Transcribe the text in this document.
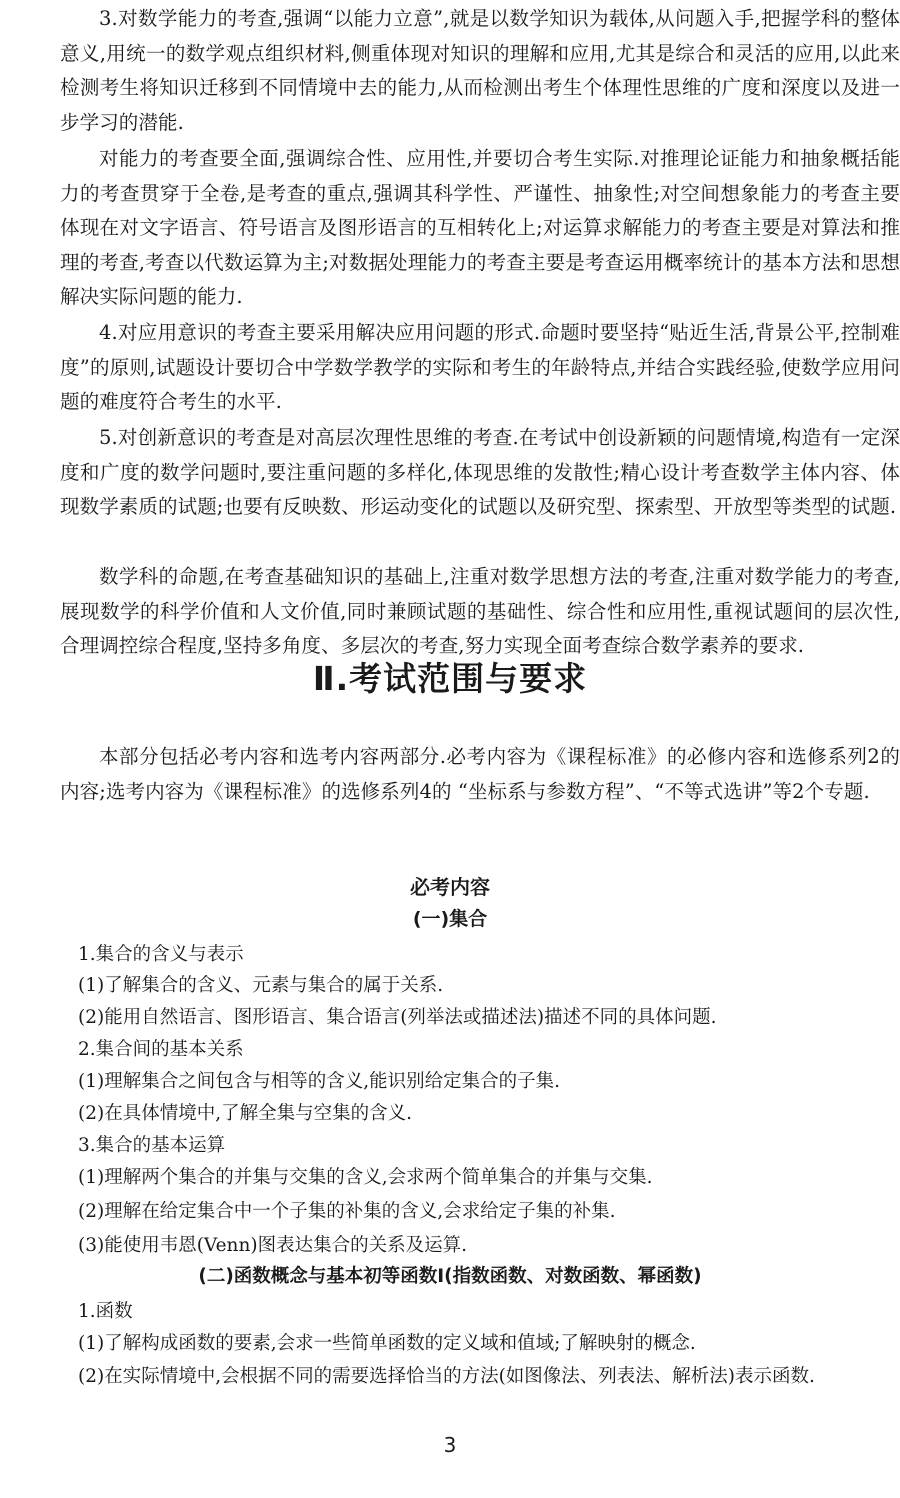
3.对数学能力的考查,强调“以能力立意”,就是以数学知识为载体,从问题入手,把握学科的整体意义,用统一的数学观点组织材料,侧重体现对知识的理解和应用,尤其是综合和灵活的应用,以此来检测考生将知识迁移到不同情境中去的能力,从而检测出考生个体理性思维的广度和深度以及进一步学习的潜能.

对能力的考查要全面,强调综合性、应用性,并要切合考生实际.对推理论证能力和抽象概括能力的考查贯穿于全卷,是考查的重点,强调其科学性、严谨性、抽象性;对空间想象能力的考查主要体现在对文字语言、符号语言及图形语言的互相转化上;对运算求解能力的考查主要是对算法和推理的考查,考查以代数运算为主;对数据处理能力的考查主要是考查运用概率统计的基本方法和思想解决实际问题的能力.

4.对应用意识的考查主要采用解决应用问题的形式.命题时要坚持“贴近生活,背景公平,控制难度”的原则,试题设计要切合中学数学教学的实际和考生的年龄特点,并结合实践经验,使数学应用问题的难度符合考生的水平.

5.对创新意识的考查是对高层次理性思维的考查.在考试中创设新颖的问题情境,构造有一定深度和广度的数学问题时,要注重问题的多样化,体现思维的发散性;精心设计考查数学主体内容、体现数学素质的试题;也要有反映数、形运动变化的试题以及研究型、探索型、开放型等类型的试题.

数学科的命题,在考查基础知识的基础上,注重对数学思想方法的考查,注重对数学能力的考查,展现数学的科学价值和人文价值,同时兼顾试题的基础性、综合性和应用性,重视试题间的层次性,合理调控综合程度,坚持多角度、多层次的考查,努力实现全面考查综合数学素养的要求.

Ⅱ.考试范围与要求

本部分包括必考内容和选考内容两部分.必考内容为《课程标准》的必修内容和选修系列2的内容;选考内容为《课程标准》的选修系列4的 “坐标系与参数方程”、“不等式选讲”等2个专题.

必考内容
(一)集合

1.集合的含义与表示

(1)了解集合的含义、元素与集合的属于关系.

(2)能用自然语言、图形语言、集合语言(列举法或描述法)描述不同的具体问题.

2.集合间的基本关系

(1)理解集合之间包含与相等的含义,能识别给定集合的子集.

(2)在具体情境中,了解全集与空集的含义.

3.集合的基本运算

(1)理解两个集合的并集与交集的含义,会求两个简单集合的并集与交集.

(2)理解在给定集合中一个子集的补集的含义,会求给定子集的补集.

(3)能使用韦恩(Venn)图表达集合的关系及运算.

(二)函数概念与基本初等函数Ⅰ(指数函数、对数函数、幂函数)

1.函数

(1)了解构成函数的要素,会求一些简单函数的定义域和值域;了解映射的概念.

(2)在实际情境中,会根据不同的需要选择恰当的方法(如图像法、列表法、解析法)表示函数.

3
